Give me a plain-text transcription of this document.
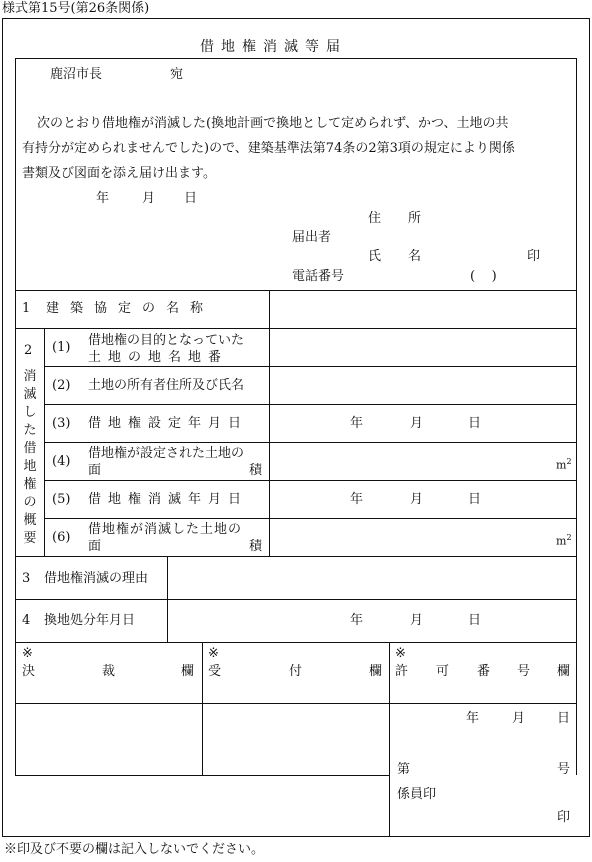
様式第15号(第26条関係)
借地権消滅等届
鹿沼市長	宛
次のとおり借地権が消滅した(換地計画で換地として定められず、かつ、土地の共
有持分が定められませんでした)ので、建築基準法第74条の2第3項の規定により関係
書類及び図面を添え届け出ます。
年	月 日
住所
届出者
氏名	印
電話番号	(    )
1 建築協定の名称
2
消滅した借地権の概要
(1) 借地権の目的となっていた
土地の地名地番
(2) 土地の所有者住所及び氏名
(3) 借地権設定年月日	年	月	日
(4)
借地権が設定された土地の
面	積	$m^2$
(5) 借地権消滅年月日	年	月	日
(6)
借地権が消滅した土地の
面	積	$m^2$
3 借地権消滅の理由
4 換地処分年月日	年	月	日
※
決	裁	欄
※
受	付	欄
※
許 可 番 号 欄
年	月 日
第	号
係員印
印
※印及び不要の欄は記入しないでください。
